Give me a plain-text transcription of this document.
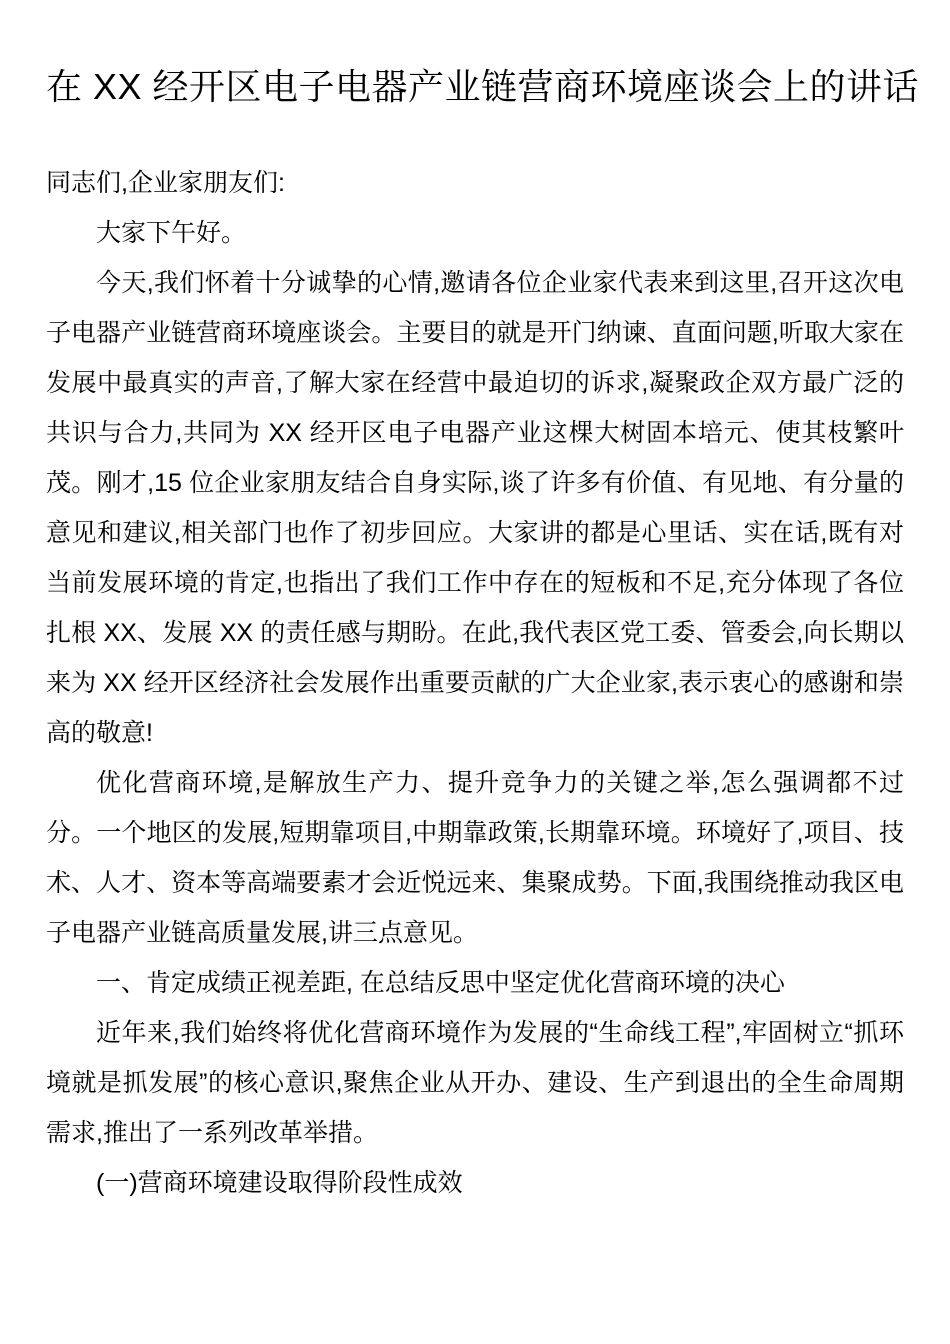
在 XX 经开区电子电器产业链营商环境座谈会上的讲话

同志们,企业家朋友们:

大家下午好。

今天,我们怀着十分诚挚的心情,邀请各位企业家代表来到这里,召开这次电子电器产业链营商环境座谈会。主要目的就是开门纳谏、直面问题,听取大家在发展中最真实的声音,了解大家在经营中最迫切的诉求,凝聚政企双方最广泛的共识与合力,共同为 XX 经开区电子电器产业这棵大树固本培元、使其枝繁叶茂。刚才,15 位企业家朋友结合自身实际,谈了许多有价值、有见地、有分量的意见和建议,相关部门也作了初步回应。大家讲的都是心里话、实在话,既有对当前发展环境的肯定,也指出了我们工作中存在的短板和不足,充分体现了各位扎根 XX、发展 XX 的责任感与期盼。在此,我代表区党工委、管委会,向长期以来为 XX 经开区经济社会发展作出重要贡献的广大企业家,表示衷心的感谢和崇高的敬意!

优化营商环境,是解放生产力、提升竞争力的关键之举,怎么强调都不过分。一个地区的发展,短期靠项目,中期靠政策,长期靠环境。环境好了,项目、技术、人才、资本等高端要素才会近悦远来、集聚成势。下面,我围绕推动我区电子电器产业链高质量发展,讲三点意见。

一、肯定成绩正视差距, 在总结反思中坚定优化营商环境的决心

近年来,我们始终将优化营商环境作为发展的“生命线工程”,牢固树立“抓环境就是抓发展”的核心意识,聚焦企业从开办、建设、生产到退出的全生命周期需求,推出了一系列改革举措。

(一)营商环境建设取得阶段性成效
